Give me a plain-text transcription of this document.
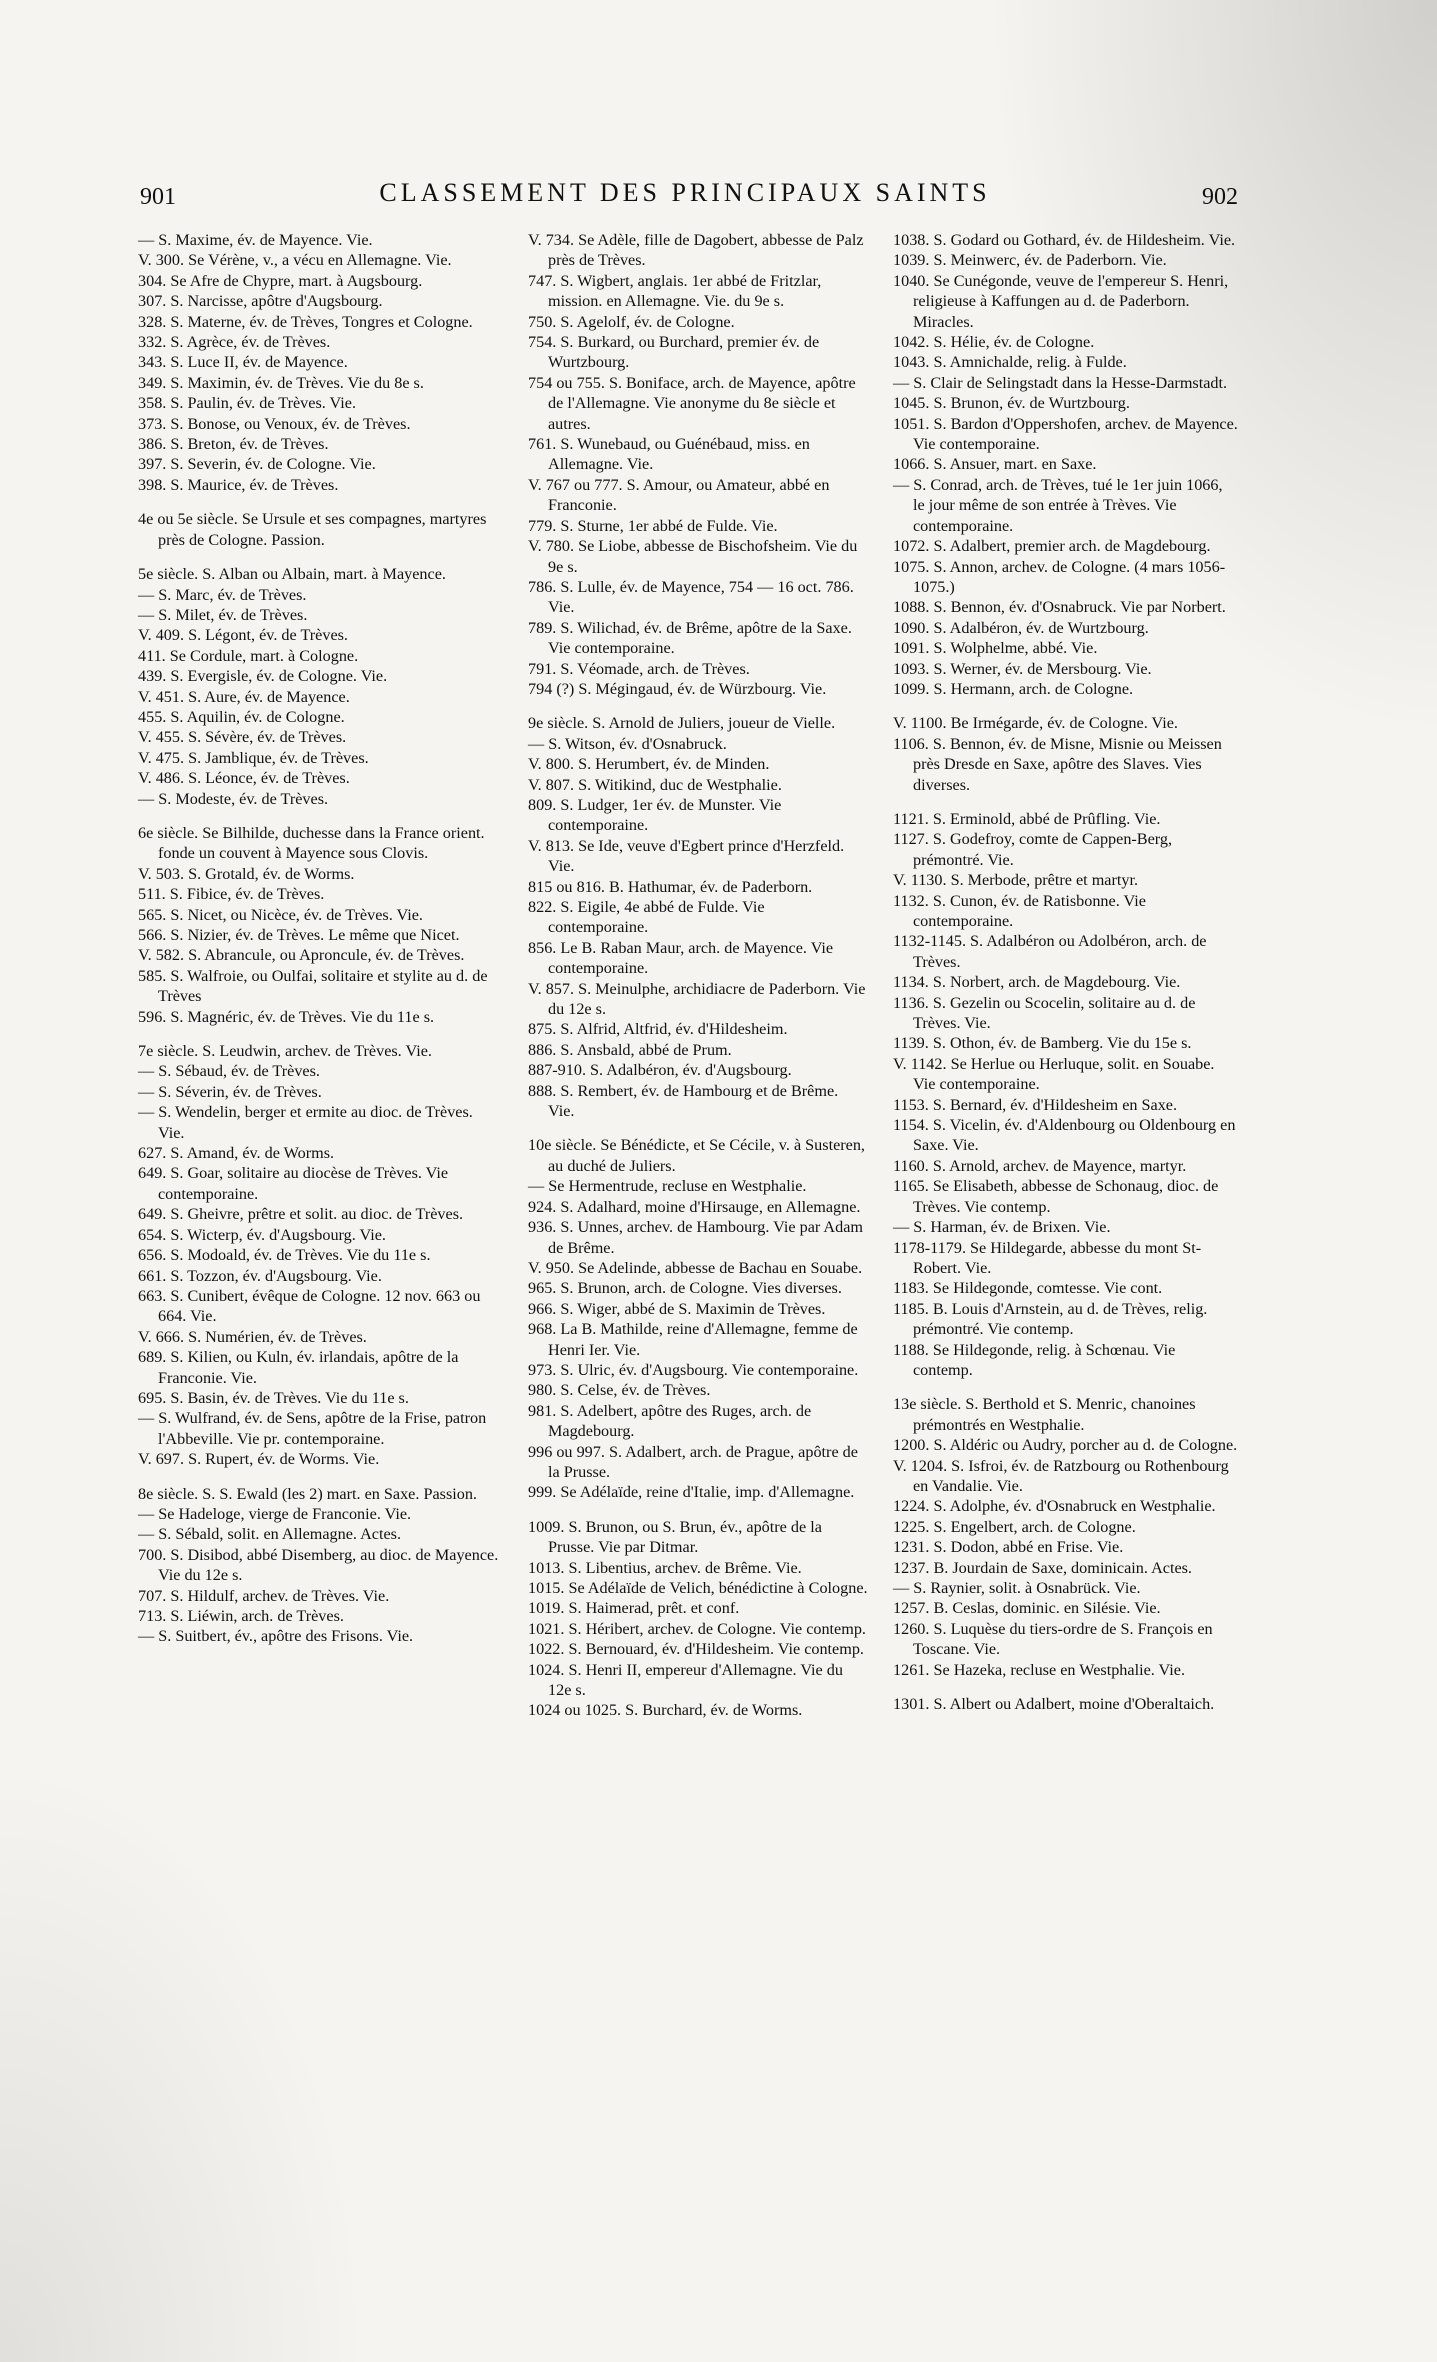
901	CLASSEMENT DES PRINCIPAUX SAINTS	902

— S. Maxime, év. de Mayence. Vie.

V. 300. Se Vérène, v., a vécu en Allemagne. Vie.

304. Se Afre de Chypre, mart. à Augsbourg.

307. S. Narcisse, apôtre d'Augsbourg.

328. S. Materne, év. de Trèves, Tongres et Cologne.

332. S. Agrèce, év. de Trèves.

343. S. Luce II, év. de Mayence.

349. S. Maximin, év. de Trèves. Vie du 8e s.

358. S. Paulin, év. de Trèves. Vie.

373. S. Bonose, ou Venoux, év. de Trèves.

386. S. Breton, év. de Trèves.

397. S. Severin, év. de Cologne. Vie.

398. S. Maurice, év. de Trèves.

4e ou 5e siècle. Se Ursule et ses compagnes, martyres près de Cologne. Passion.

5e siècle. S. Alban ou Albain, mart. à Mayence.

— S. Marc, év. de Trèves.

— S. Milet, év. de Trèves.

V. 409. S. Légont, év. de Trèves.

411. Se Cordule, mart. à Cologne.

439. S. Evergisle, év. de Cologne. Vie.

V. 451. S. Aure, év. de Mayence.

455. S. Aquilin, év. de Cologne.

V. 455. S. Sévère, év. de Trèves.

V. 475. S. Jamblique, év. de Trèves.

V. 486. S. Léonce, év. de Trèves.

— S. Modeste, év. de Trèves.

6e siècle. Se Bilhilde, duchesse dans la France orient. fonde un couvent à Mayence sous Clovis.

V. 503. S. Grotald, év. de Worms.

511. S. Fibice, év. de Trèves.

565. S. Nicet, ou Nicèce, év. de Trèves. Vie.

566. S. Nizier, év. de Trèves. Le même que Nicet.

V. 582. S. Abrancule, ou Aproncule, év. de Trèves.

585. S. Walfroie, ou Oulfai, solitaire et stylite au d. de Trèves

596. S. Magnéric, év. de Trèves. Vie du 11e s.

7e siècle. S. Leudwin, archev. de Trèves. Vie.

— S. Sébaud, év. de Trèves.

— S. Séverin, év. de Trèves.

— S. Wendelin, berger et ermite au dioc. de Trèves. Vie.

627. S. Amand, év. de Worms.

649. S. Goar, solitaire au diocèse de Trèves. Vie contemporaine.

649. S. Gheivre, prêtre et solit. au dioc. de Trèves.

654. S. Wicterp, év. d'Augsbourg. Vie.

656. S. Modoald, év. de Trèves. Vie du 11e s.

661. S. Tozzon, év. d'Augsbourg. Vie.

663. S. Cunibert, évêque de Cologne. 12 nov. 663 ou 664. Vie.

V. 666. S. Numérien, év. de Trèves.

689. S. Kilien, ou Kuln, év. irlandais, apôtre de la Franconie. Vie.

695. S. Basin, év. de Trèves. Vie du 11e s.

— S. Wulfrand, év. de Sens, apôtre de la Frise, patron l'Abbeville. Vie pr. contemporaine.

V. 697. S. Rupert, év. de Worms. Vie.

8e siècle. S. S. Ewald (les 2) mart. en Saxe. Passion.

— Se Hadeloge, vierge de Franconie. Vie.

— S. Sébald, solit. en Allemagne. Actes.

700. S. Disibod, abbé Disemberg, au dioc. de Mayence. Vie du 12e s.

707. S. Hildulf, archev. de Trèves. Vie.

713. S. Liéwin, arch. de Trèves.

— S. Suitbert, év., apôtre des Frisons. Vie.

V. 734. Se Adèle, fille de Dagobert, abbesse de Palz près de Trèves.

747. S. Wigbert, anglais. 1er abbé de Fritzlar, mission. en Allemagne. Vie. du 9e s.

750. S. Agelolf, év. de Cologne.

754. S. Burkard, ou Burchard, premier év. de Wurtzbourg.

754 ou 755. S. Boniface, arch. de Mayence, apôtre de l'Allemagne. Vie anonyme du 8e siècle et autres.

761. S. Wunebaud, ou Guénébaud, miss. en Allemagne. Vie.

V. 767 ou 777. S. Amour, ou Amateur, abbé en Franconie.

779. S. Sturne, 1er abbé de Fulde. Vie.

V. 780. Se Liobe, abbesse de Bischofsheim. Vie du 9e s.

786. S. Lulle, év. de Mayence, 754 — 16 oct. 786. Vie.

789. S. Wilichad, év. de Brême, apôtre de la Saxe. Vie contemporaine.

791. S. Véomade, arch. de Trèves.

794 (?) S. Mégingaud, év. de Würzbourg. Vie.

9e siècle. S. Arnold de Juliers, joueur de Vielle.

— S. Witson, év. d'Osnabruck.

V. 800. S. Herumbert, év. de Minden.

V. 807. S. Witikind, duc de Westphalie.

809. S. Ludger, 1er év. de Munster. Vie contemporaine.

V. 813. Se Ide, veuve d'Egbert prince d'Herzfeld. Vie.

815 ou 816. B. Hathumar, év. de Paderborn.

822. S. Eigile, 4e abbé de Fulde. Vie contemporaine.

856. Le B. Raban Maur, arch. de Mayence. Vie contemporaine.

V. 857. S. Meinulphe, archidiacre de Paderborn. Vie du 12e s.

875. S. Alfrid, Altfrid, év. d'Hildesheim.

886. S. Ansbald, abbé de Prum.

887-910. S. Adalbéron, év. d'Augsbourg.

888. S. Rembert, év. de Hambourg et de Brême. Vie.

10e siècle. Se Bénédicte, et Se Cécile, v. à Susteren, au duché de Juliers.

— Se Hermentrude, recluse en Westphalie.

924. S. Adalhard, moine d'Hirsauge, en Allemagne.

936. S. Unnes, archev. de Hambourg. Vie par Adam de Brême.

V. 950. Se Adelinde, abbesse de Bachau en Souabe.

965. S. Brunon, arch. de Cologne. Vies diverses.

966. S. Wiger, abbé de S. Maximin de Trèves.

968. La B. Mathilde, reine d'Allemagne, femme de Henri Ier. Vie.

973. S. Ulric, év. d'Augsbourg. Vie contemporaine.

980. S. Celse, év. de Trèves.

981. S. Adelbert, apôtre des Ruges, arch. de Magdebourg.

996 ou 997. S. Adalbert, arch. de Prague, apôtre de la Prusse.

999. Se Adélaïde, reine d'Italie, imp. d'Allemagne.

1009. S. Brunon, ou S. Brun, év., apôtre de la Prusse. Vie par Ditmar.

1013. S. Libentius, archev. de Brême. Vie.

1015. Se Adélaïde de Velich, bénédictine à Cologne.

1019. S. Haimerad, prêt. et conf.

1021. S. Héribert, archev. de Cologne. Vie contemp.

1022. S. Bernouard, év. d'Hildesheim. Vie contemp.

1024. S. Henri II, empereur d'Allemagne. Vie du 12e s.

1024 ou 1025. S. Burchard, év. de Worms.

1038. S. Godard ou Gothard, év. de Hildesheim. Vie.

1039. S. Meinwerc, év. de Paderborn. Vie.

1040. Se Cunégonde, veuve de l'empereur S. Henri, religieuse à Kaffungen au d. de Paderborn. Miracles.

1042. S. Hélie, év. de Cologne.

1043. S. Amnichalde, relig. à Fulde.

— S. Clair de Selingstadt dans la Hesse-Darmstadt.

1045. S. Brunon, év. de Wurtzbourg.

1051. S. Bardon d'Oppershofen, archev. de Mayence. Vie contemporaine.

1066. S. Ansuer, mart. en Saxe.

— S. Conrad, arch. de Trèves, tué le 1er juin 1066, le jour même de son entrée à Trèves. Vie contemporaine.

1072. S. Adalbert, premier arch. de Magdebourg.

1075. S. Annon, archev. de Cologne. (4 mars 1056-1075.)

1088. S. Bennon, év. d'Osnabruck. Vie par Norbert.

1090. S. Adalbéron, év. de Wurtzbourg.

1091. S. Wolphelme, abbé. Vie.

1093. S. Werner, év. de Mersbourg. Vie.

1099. S. Hermann, arch. de Cologne.

V. 1100. Be Irmégarde, év. de Cologne. Vie.

1106. S. Bennon, év. de Misne, Misnie ou Meissen près Dresde en Saxe, apôtre des Slaves. Vies diverses.

1121. S. Erminold, abbé de Prûfling. Vie.

1127. S. Godefroy, comte de Cappen-Berg, prémontré. Vie.

V. 1130. S. Merbode, prêtre et martyr.

1132. S. Cunon, év. de Ratisbonne. Vie contemporaine.

1132-1145. S. Adalbéron ou Adolbéron, arch. de Trèves.

1134. S. Norbert, arch. de Magdebourg. Vie.

1136. S. Gezelin ou Scocelin, solitaire au d. de Trèves. Vie.

1139. S. Othon, év. de Bamberg. Vie du 15e s.

V. 1142. Se Herlue ou Herluque, solit. en Souabe. Vie contemporaine.

1153. S. Bernard, év. d'Hildesheim en Saxe.

1154. S. Vicelin, év. d'Aldenbourg ou Oldenbourg en Saxe. Vie.

1160. S. Arnold, archev. de Mayence, martyr.

1165. Se Elisabeth, abbesse de Schonaug, dioc. de Trèves. Vie contemp.

— S. Harman, év. de Brixen. Vie.

1178-1179. Se Hildegarde, abbesse du mont St-Robert. Vie.

1183. Se Hildegonde, comtesse. Vie cont.

1185. B. Louis d'Arnstein, au d. de Trèves, relig. prémontré. Vie contemp.

1188. Se Hildegonde, relig. à Schœnau. Vie contemp.

13e siècle. S. Berthold et S. Menric, chanoines prémontrés en Westphalie.

1200. S. Aldéric ou Audry, porcher au d. de Cologne.

V. 1204. S. Isfroi, év. de Ratzbourg ou Rothenbourg en Vandalie. Vie.

1224. S. Adolphe, év. d'Osnabruck en Westphalie.

1225. S. Engelbert, arch. de Cologne.

1231. S. Dodon, abbé en Frise. Vie.

1237. B. Jourdain de Saxe, dominicain. Actes.

— S. Raynier, solit. à Osnabrück. Vie.

1257. B. Ceslas, dominic. en Silésie. Vie.

1260. S. Luquèse du tiers-ordre de S. François en Toscane. Vie.

1261. Se Hazeka, recluse en Westphalie. Vie.

1301. S. Albert ou Adalbert, moine d'Oberaltaich.
